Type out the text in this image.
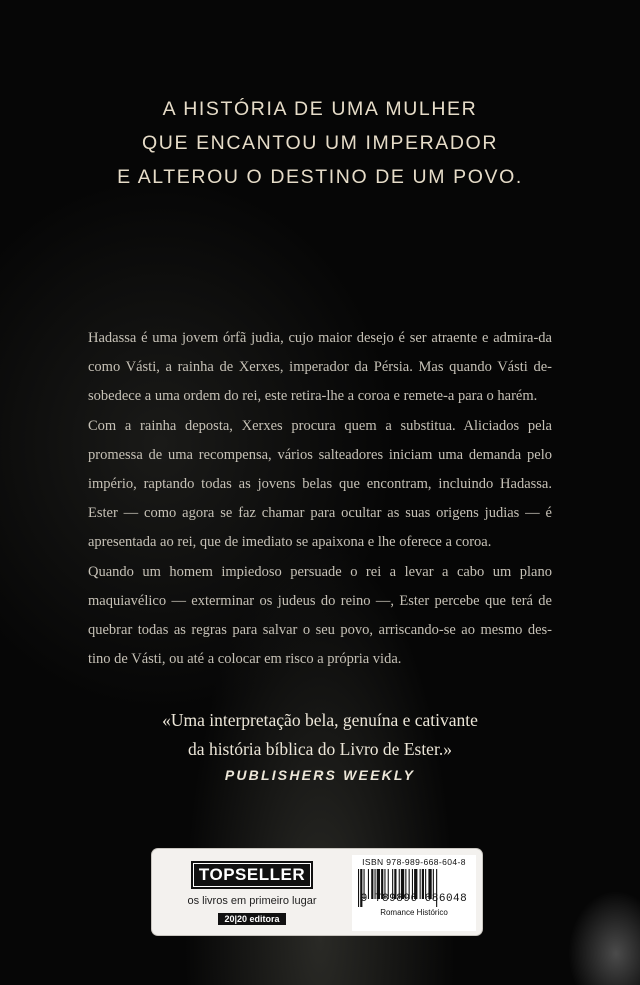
A HISTÓRIA DE UMA MULHER
QUE ENCANTOU UM IMPERADOR
E ALTEROU O DESTINO DE UM POVO.

Hadassa é uma jovem órfã judia, cujo maior desejo é ser atraente e admira-da como Vásti, a rainha de Xerxes, imperador da Pérsia. Mas quando Vásti de-sobedece a uma ordem do rei, este retira-lhe a coroa e remete-a para o harém.

Com a rainha deposta, Xerxes procura quem a substitua. Aliciados pela promessa de uma recompensa, vários salteadores iniciam uma demanda pelo império, raptando todas as jovens belas que encontram, incluindo Hadassa. Ester — como agora se faz chamar para ocultar as suas origens judias — é apresentada ao rei, que de imediato se apaixona e lhe oferece a coroa.

Quando um homem impiedoso persuade o rei a levar a cabo um plano maquiavélico — exterminar os judeus do reino —, Ester percebe que terá de quebrar todas as regras para salvar o seu povo, arriscando-se ao mesmo des-tino de Vásti, ou até a colocar em risco a própria vida.

«Uma interpretação bela, genuína e cativante
da história bíblica do Livro de Ester.»
PUBLISHERS WEEKLY
TOPSELLER
os livros em primeiro lugar
20|20 editora
ISBN 978-989-668-604-8
9 789896 686048
Romance Histórico
